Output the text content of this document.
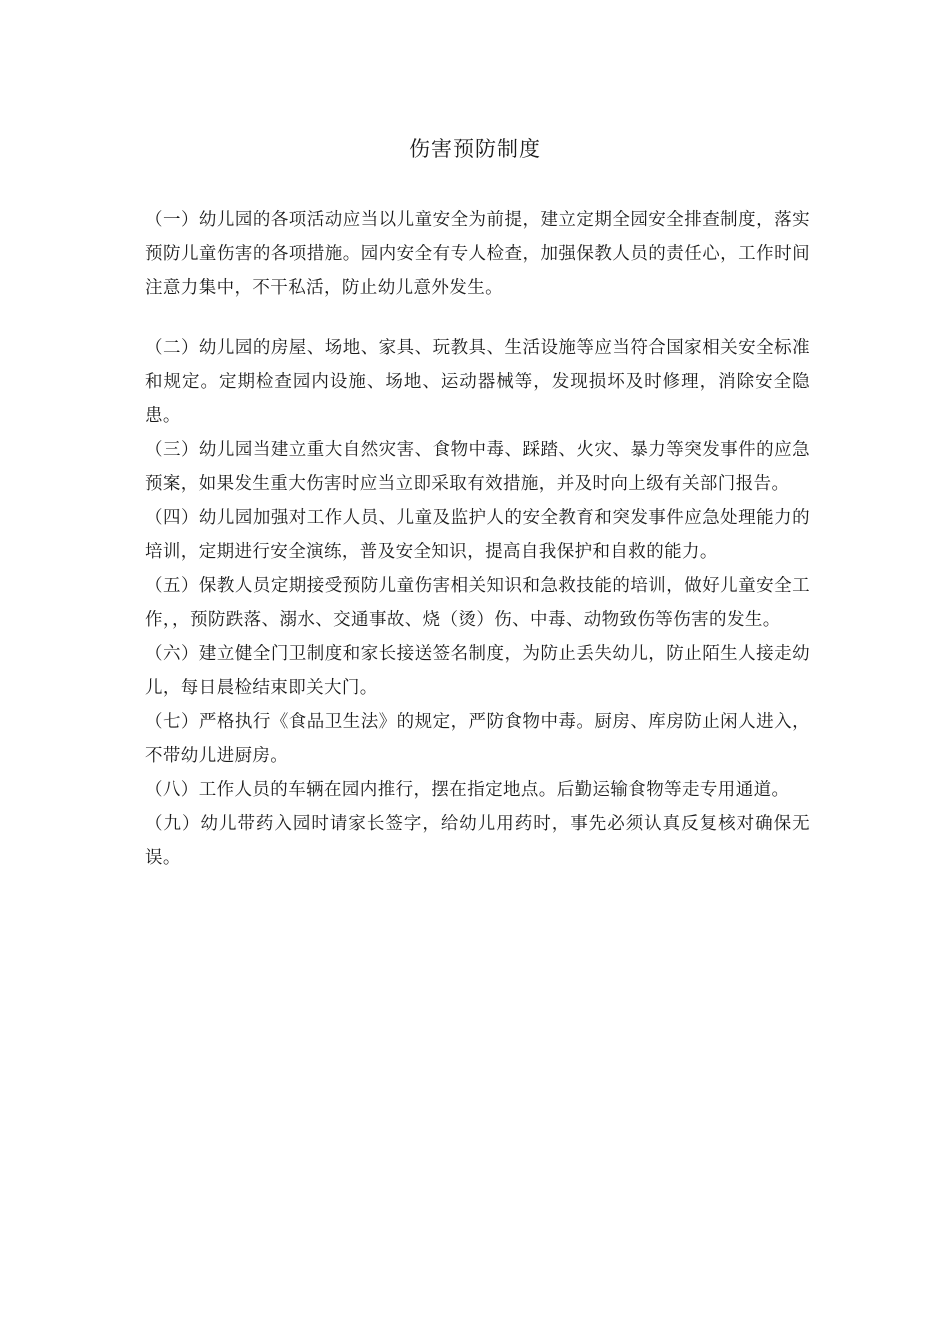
伤害预防制度

（一）幼儿园的各项活动应当以儿童安全为前提，建立定期全园安全排查制度，落实预防儿童伤害的各项措施。园内安全有专人检查，加强保教人员的责任心，工作时间注意力集中，不干私活，防止幼儿意外发生。

（二）幼儿园的房屋、场地、家具、玩教具、生活设施等应当符合国家相关安全标准和规定。定期检查园内设施、场地、运动器械等，发现损坏及时修理，消除安全隐患。

（三）幼儿园当建立重大自然灾害、食物中毒、踩踏、火灾、暴力等突发事件的应急预案，如果发生重大伤害时应当立即采取有效措施，并及时向上级有关部门报告。

（四）幼儿园加强对工作人员、儿童及监护人的安全教育和突发事件应急处理能力的培训，定期进行安全演练，普及安全知识，提高自我保护和自救的能力。

（五）保教人员定期接受预防儿童伤害相关知识和急救技能的培训，做好儿童安全工作，，预防跌落、溺水、交通事故、烧（烫）伤、中毒、动物致伤等伤害的发生。

（六）建立健全门卫制度和家长接送签名制度，为防止丢失幼儿，防止陌生人接走幼儿，每日晨检结束即关大门。

（七）严格执行《食品卫生法》的规定，严防食物中毒。厨房、库房防止闲人进入，不带幼儿进厨房。

（八）工作人员的车辆在园内推行，摆在指定地点。后勤运输食物等走专用通道。

（九）幼儿带药入园时请家长签字，给幼儿用药时，事先必须认真反复核对确保无误。
